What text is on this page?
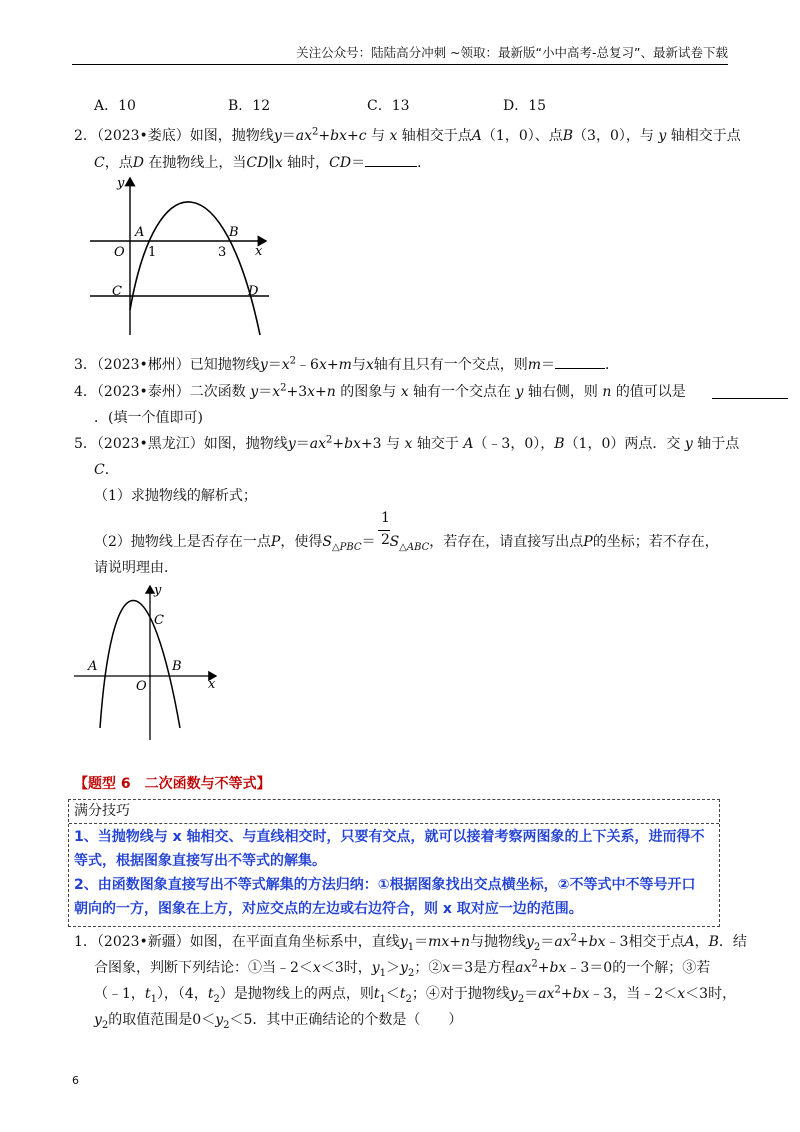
关注公众号：陆陆高分冲刺 ~领取：最新版“小中高考-总复习”、最新试卷下载
A．10	B．12	C．13	D．15
2．（2023•娄底）如图，抛物线$y=ax^2+bx+c$ 与 x 轴相交于点A（1，0）、点B（3，0），与 y 轴相交于点
C，点D 在抛物线上，当CD∥x 轴时，CD＝	．
y
x
O
A	B
1	3
C	D
3．（2023•郴州）已知抛物线$y=x^2﹣6x+m$与x轴有且只有一个交点，则m＝	．
4．（2023•泰州）二次函数 $y=x^2+3x+n$ 的图象与 x 轴有一个交点在 y 轴右侧，则 n 的值可以是
．(填一个值即可)
5．（2023•黑龙江）如图，抛物线$y=ax^2+bx+3$ 与 x 轴交于 A（﹣3，0），B（1，0）两点．交 y 轴于点
C．
（1）求抛物线的解析式；
1
2
（2）抛物线上是否存在一点P，使得$S_{\triangle PBC}= S_{\triangle ABC}$，若存在，请直接写出点P的坐标；若不存在，
请说明理由．
y
x
O
A	B
C
【题型 6　二次函数与不等式】
满分技巧
1、当抛物线与 x 轴相交、与直线相交时，只要有交点，就可以接着考察两图象的上下关系，进而得不
等式，根据图象直接写出不等式的解集。
2、由函数图象直接写出不等式解集的方法归纳：①根据图象找出交点横坐标，②不等式中不等号开口
朝向的一方，图象在上方，对应交点的左边或右边符合，则 x 取对应一边的范围。
1．（2023•新疆）如图，在平面直角坐标系中，直线$y_1=mx+n$与抛物线$y_2=ax^2+bx﹣3$相交于点A，B．结
合图象，判断下列结论：①当﹣2＜x＜3时，$y_1>y_2$；②x＝3是方程$ax^2+bx﹣3=0$的一个解；③若
（﹣1，$t_1$），（4，$t_2$）是抛物线上的两点，则$t_1<t_2$；④对于抛物线$y_2=ax^2+bx﹣3$，当﹣2＜x＜3时，
$y_2$的取值范围是$0<y_2<5$．其中正确结论的个数是（　　）
6
